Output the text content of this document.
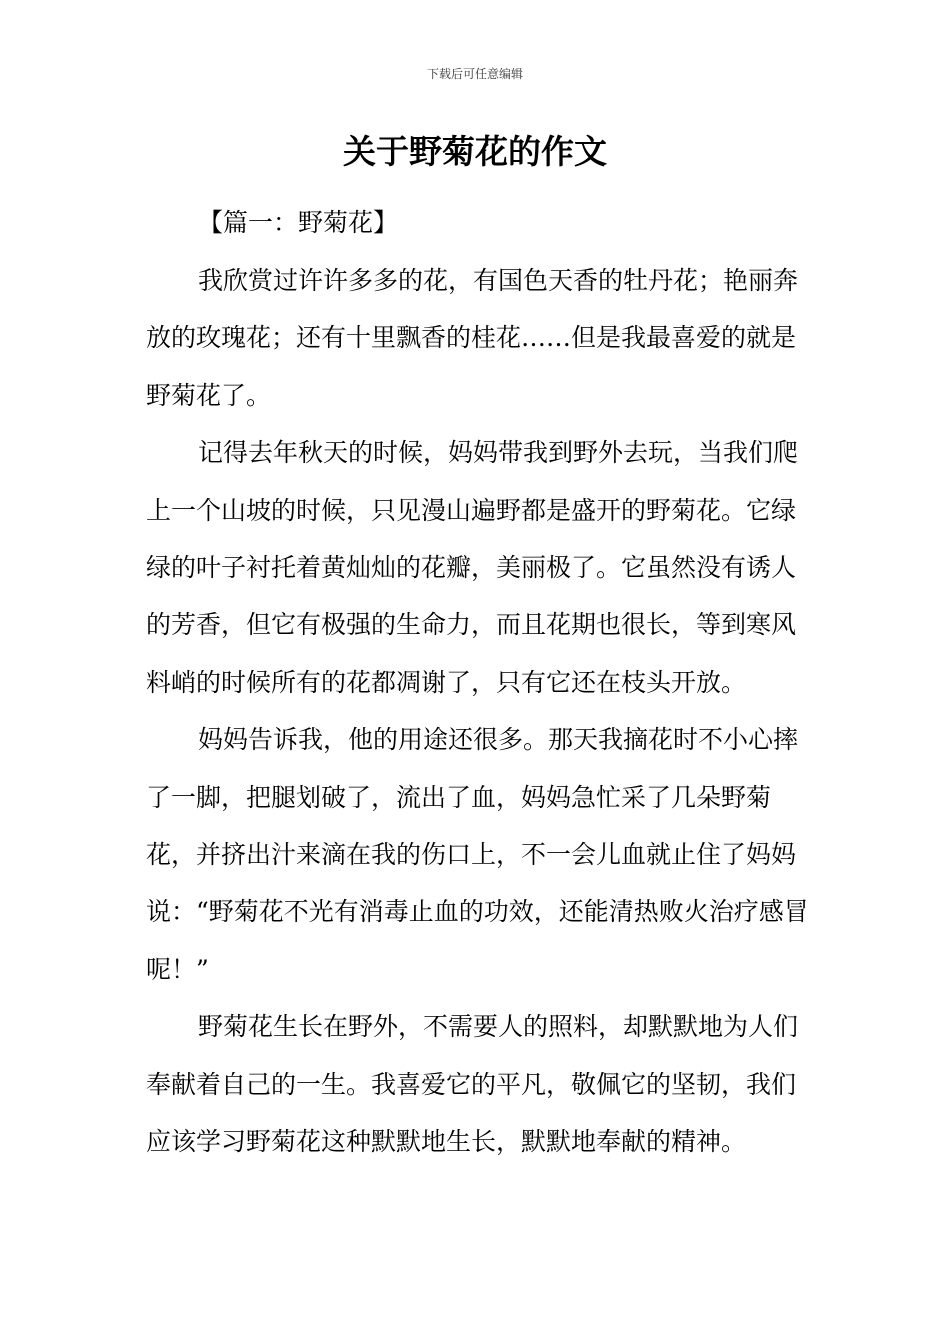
下载后可任意编辑
关于野菊花的作文

【篇一：野菊花】

我欣赏过许许多多的花，有国色天香的牡丹花；艳丽奔放的玫瑰花；还有十里飘香的桂花……但是我最喜爱的就是野菊花了。

记得去年秋天的时候，妈妈带我到野外去玩，当我们爬上一个山坡的时候，只见漫山遍野都是盛开的野菊花。它绿绿的叶子衬托着黄灿灿的花瓣，美丽极了。它虽然没有诱人的芳香，但它有极强的生命力，而且花期也很长，等到寒风料峭的时候所有的花都凋谢了，只有它还在枝头开放。

妈妈告诉我，他的用途还很多。那天我摘花时不小心摔了一脚，把腿划破了，流出了血，妈妈急忙采了几朵野菊花，并挤出汁来滴在我的伤口上，不一会儿血就止住了妈妈说：“野菊花不光有消毒止血的功效，还能清热败火治疗感冒呢！”

野菊花生长在野外，不需要人的照料，却默默地为人们奉献着自己的一生。我喜爱它的平凡，敬佩它的坚韧，我们应该学习野菊花这种默默地生长，默默地奉献的精神。
